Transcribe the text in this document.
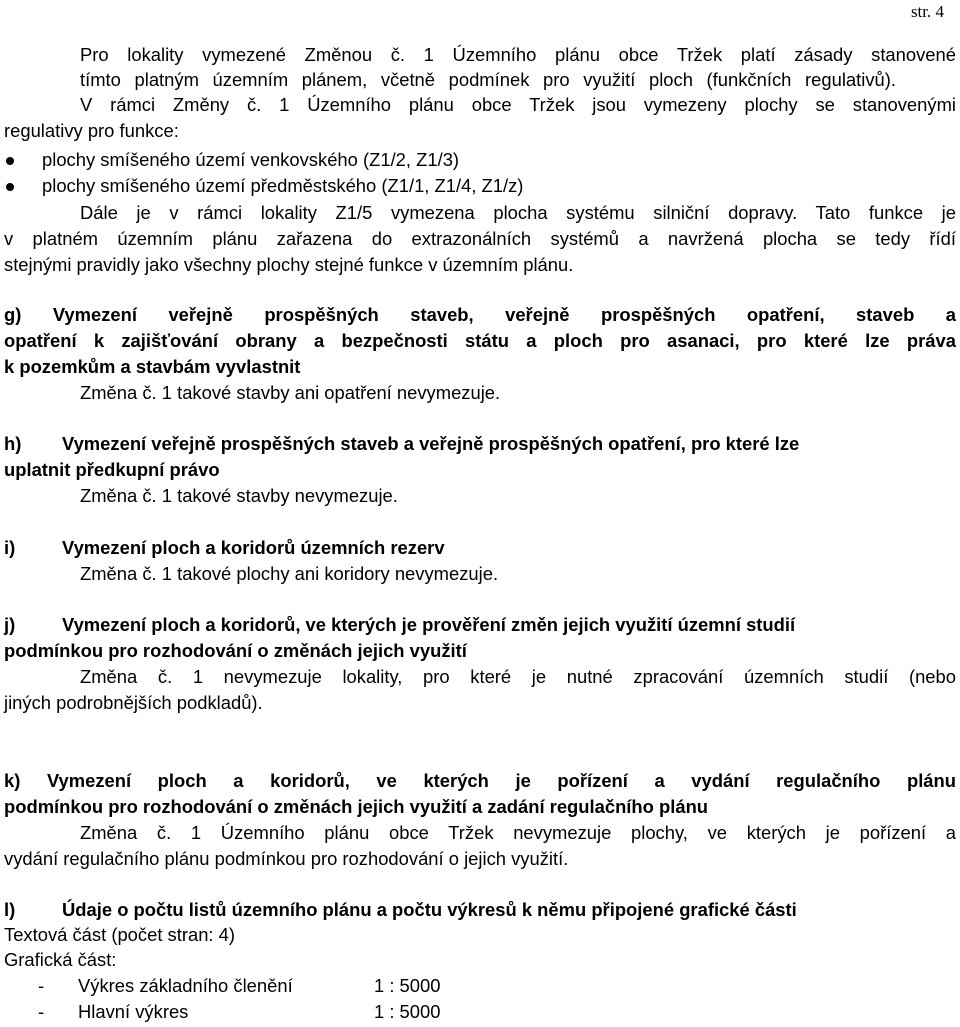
str. 4
Pro lokality vymezené Změnou č. 1 Územního plánu obce Tržek platí zásady stanovené
tímto platným územním plánem, včetně podmínek pro využití ploch (funkčních regulativů).
V rámci Změny č. 1 Územního plánu obce Tržek jsou vymezeny plochy se stanovenými
regulativy pro funkce:
plochy smíšeného území venkovského (Z1/2, Z1/3)
plochy smíšeného území předměstského (Z1/1, Z1/4, Z1/z)
Dále je v rámci lokality Z1/5 vymezena plocha systému silniční dopravy. Tato funkce je
v platném územním plánu zařazena do extrazonálních systémů a navržená plocha se tedy řídí
stejnými pravidly jako všechny plochy stejné funkce v územním plánu.
g) Vymezení veřejně prospěšných staveb, veřejně prospěšných opatření, staveb a
opatření k zajišťování obrany a bezpečnosti státu a ploch pro asanaci, pro které lze práva
k pozemkům a stavbám vyvlastnit
Změna č. 1 takové stavby ani opatření nevymezuje.
h) Vymezení veřejně prospěšných staveb a veřejně prospěšných opatření, pro které lze
uplatnit předkupní právo
Změna č. 1 takové stavby nevymezuje.
i)	Vymezení ploch a koridorů územních rezerv
Změna č. 1 takové plochy ani koridory nevymezuje.
j)	Vymezení ploch a koridorů, ve kterých je prověření změn jejich využití územní studií
podmínkou pro rozhodování o změnách jejich využití
Změna č. 1 nevymezuje lokality, pro které je nutné zpracování územních studií (nebo
jiných podrobnějších podkladů).
k) Vymezení ploch a koridorů, ve kterých je pořízení a vydání regulačního plánu
podmínkou pro rozhodování o změnách jejich využití a zadání regulačního plánu
Změna č. 1 Územního plánu obce Tržek nevymezuje plochy, ve kterých je pořízení a
vydání regulačního plánu podmínkou pro rozhodování o jejich využití.
l)	Údaje o počtu listů územního plánu a počtu výkresů k němu připojené grafické části
Textová část (počet stran: 4)
Grafická část:
- Výkres základního členění	1 : 5000
- Hlavní výkres	1 : 5000
